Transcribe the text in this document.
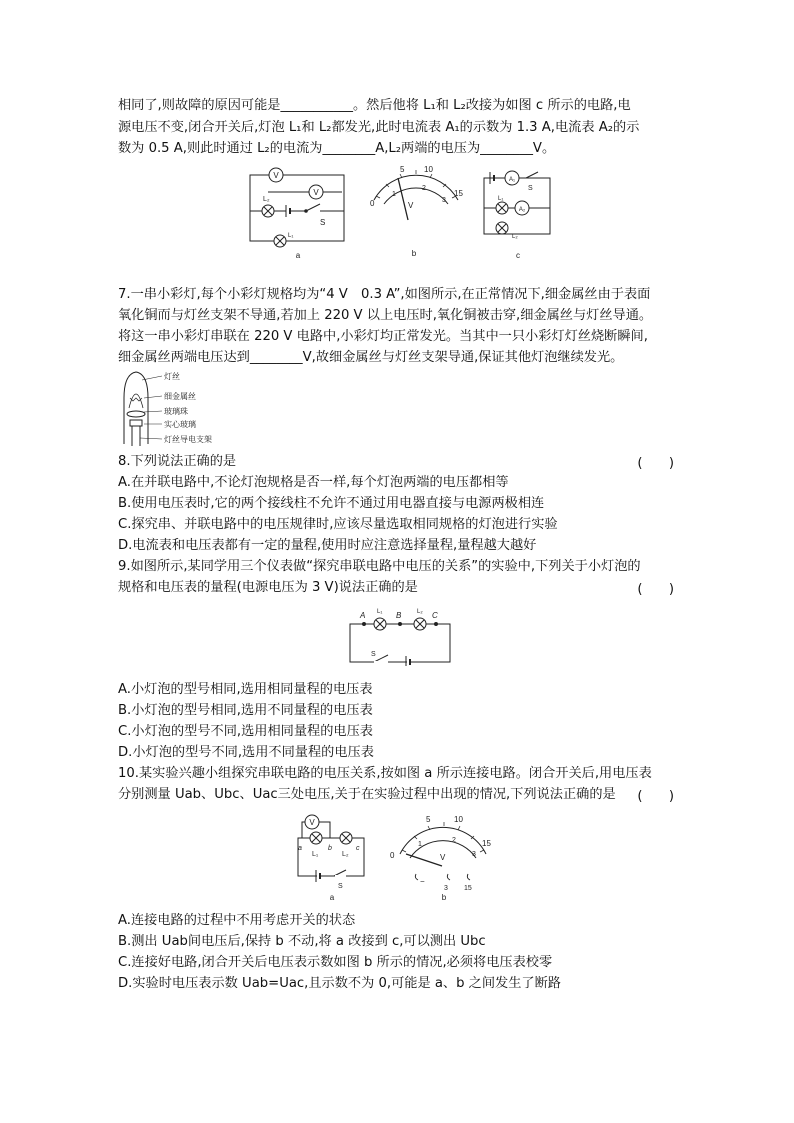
相同了,则故障的原因可能是___________。然后他将 L₁和 L₂改接为如图 c 所示的电路,电
源电压不变,闭合开关后,灯泡 L₁和 L₂都发光,此时电流表 A₁的示数为 1.3 A,电流表 A₂的示
数为 0.5 A,则此时通过 L₂的电流为________A,L₂两端的电压为________V。
V
V
L₂
S
L₁
a
0
5 10
15
1
2
3
V
b
A₁
S
L₁
A₂
L₂
c
7.一串小彩灯,每个小彩灯规格均为“4 V　0.3 A”,如图所示,在正常情况下,细金属丝由于表面
氧化铜而与灯丝支架不导通,若加上 220 V 以上电压时,氧化铜被击穿,细金属丝与灯丝导通。
将这一串小彩灯串联在 220 V 电路中,小彩灯均正常发光。当其中一只小彩灯灯丝烧断瞬间,
细金属丝两端电压达到________V,故细金属丝与灯丝支架导通,保证其他灯泡继续发光。
灯丝
细金属丝
玻璃珠
实心玻璃
灯丝导电支架
8.下列说法正确的是	(　　)
A.在并联电路中,不论灯泡规格是否一样,每个灯泡两端的电压都相等
B.使用电压表时,它的两个接线柱不允许不通过用电器直接与电源两极相连
C.探究串、并联电路中的电压规律时,应该尽量选取相同规格的灯泡进行实验
D.电流表和电压表都有一定的量程,使用时应注意选择量程,量程越大越好
9.如图所示,某同学用三个仪表做“探究串联电路中电压的关系”的实验中,下列关于小灯泡的
规格和电压表的量程(电源电压为 3 V)说法正确的是	(　　)
A	B	C
L₁	L₂
S
A.小灯泡的型号相同,选用相同量程的电压表
B.小灯泡的型号相同,选用不同量程的电压表
C.小灯泡的型号不同,选用相同量程的电压表
D.小灯泡的型号不同,选用不同量程的电压表
10.某实验兴趣小组探究串联电路的电压关系,按如图 a 所示连接电路。闭合开关后,用电压表
分别测量 Uab、Ubc、Uac三处电压,关于在实验过程中出现的情况,下列说法正确的是 (　　)
V
a	b	c
L₁	L₂
S
a
0
5	10
15
1
2
3
V
−
3 15
b
A.连接电路的过程中不用考虑开关的状态
B.测出 Uab间电压后,保持 b 不动,将 a 改接到 c,可以测出 Ubc
C.连接好电路,闭合开关后电压表示数如图 b 所示的情况,必须将电压表校零
D.实验时电压表示数 Uab=Uac,且示数不为 0,可能是 a、b 之间发生了断路
